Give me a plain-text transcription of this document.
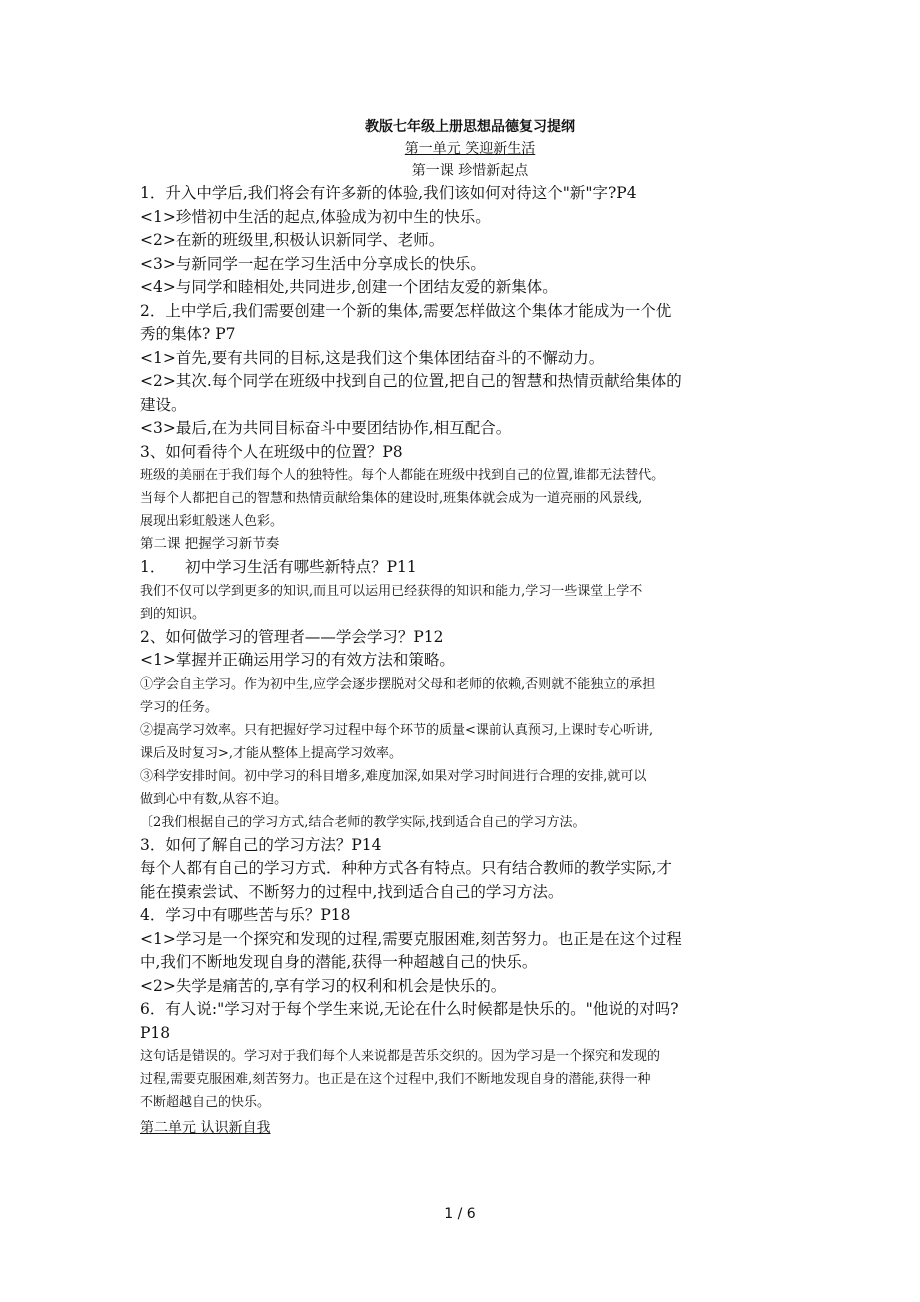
教版七年级上册思想品德复习提纲
第一单元 笑迎新生活
第一课 珍惜新起点
1．升入中学后,我们将会有许多新的体验,我们该如何对待这个"新"字?P4
<1>珍惜初中生活的起点,体验成为初中生的快乐。
<2>在新的班级里,积极认识新同学、老师。
<3>与新同学一起在学习生活中分享成长的快乐。
<4>与同学和睦相处,共同进步,创建一个团结友爱的新集体。
2．上中学后,我们需要创建一个新的集体,需要怎样做这个集体才能成为一个优
秀的集体? P7
<1>首先,要有共同的目标,这是我们这个集体团结奋斗的不懈动力。
<2>其次.每个同学在班级中找到自己的位置,把自己的智慧和热情贡献给集体的
建设。
<3>最后,在为共同目标奋斗中要团结协作,相互配合。
3、如何看待个人在班级中的位置？P8
班级的美丽在于我们每个人的独特性。每个人都能在班级中找到自己的位置,谁都无法替代。
当每个人都把自己的智慧和热情贡献给集体的建设时,班集体就会成为一道亮丽的风景线,
展现出彩虹般迷人色彩。
第二课 把握学习新节奏
1．    初中学习生活有哪些新特点？P11
我们不仅可以学到更多的知识,而且可以运用已经获得的知识和能力,学习一些课堂上学不
到的知识。
2、如何做学习的管理者——学会学习？P12
<1>掌握并正确运用学习的有效方法和策略。
①学会自主学习。作为初中生,应学会逐步摆脱对父母和老师的依赖,否则就不能独立的承担
学习的任务。
②提高学习效率。只有把握好学习过程中每个环节的质量<课前认真预习,上课时专心听讲,
课后及时复习>,才能从整体上提高学习效率。
③科学安排时间。初中学习的科目增多,难度加深,如果对学习时间进行合理的安排,就可以
做到心中有数,从容不迫。
〔2我们根据自己的学习方式,结合老师的教学实际,找到适合自己的学习方法。
3．如何了解自己的学习方法？P14
每个人都有自己的学习方式．种种方式各有特点。只有结合教师的教学实际,才
能在摸索尝试、不断努力的过程中,找到适合自己的学习方法。
4．学习中有哪些苦与乐？P18
<1>学习是一个探究和发现的过程,需要克服困难,刻苦努力。也正是在这个过程
中,我们不断地发现自身的潜能,获得一种超越自己的快乐。
<2>失学是痛苦的,享有学习的权利和机会是快乐的。
6．有人说:"学习对于每个学生来说,无论在什么时候都是快乐的。"他说的对吗?
P18
这句话是错误的。学习对于我们每个人来说都是苦乐交织的。因为学习是一个探究和发现的
过程,需要克服困难,刻苦努力。也正是在这个过程中,我们不断地发现自身的潜能,获得一种
不断超越自己的快乐。
第二单元 认识新自我
1 / 6
